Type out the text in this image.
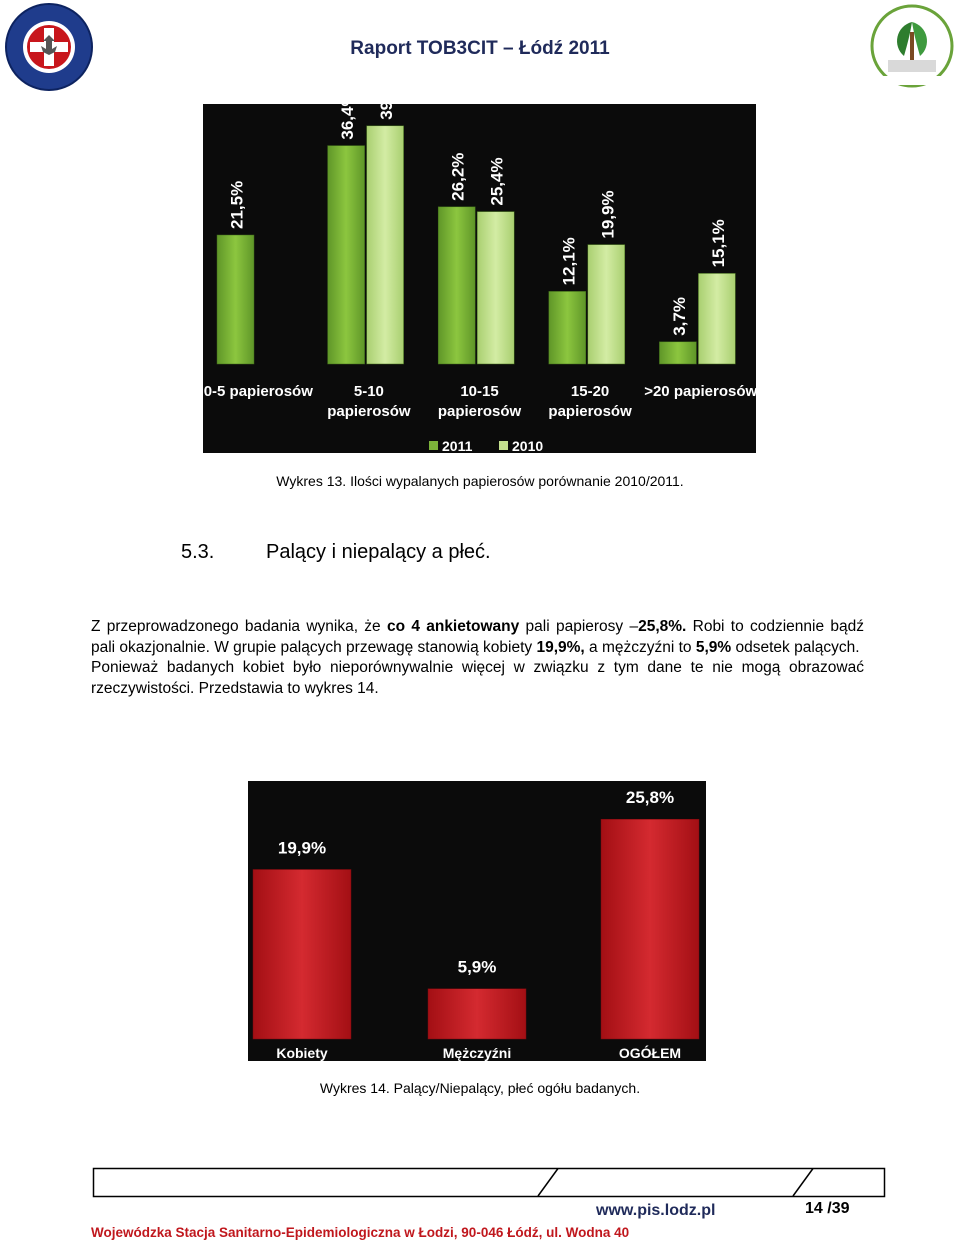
Raport TOB3CIT – Łódź 2011
21,5%
0-5 papierosów
36,4% 39,7%
5-10
papierosów
26,2% 25,4%
10-15
papierosów
12,1%
19,9%
15-20
papierosów
3,7%
15,1%
>20 papierosów
2011	2010
Wykres 13. Ilości wypalanych papierosów porównanie 2010/2011.
5.3.	Palący i niepalący a płeć.

Z przeprowadzonego badania wynika, że co 4 ankietowany pali papierosy –25,8%. Robi to codziennie bądź pali okazjonalnie. W grupie palących przewagę stanowią kobiety 19,9%, a mężczyźni to 5,9% odsetek palących.

Ponieważ badanych kobiet było nieporównywalnie więcej w związku z tym dane te nie mogą obrazować rzeczywistości. Przedstawia to wykres 14.

19,9%
Kobiety
5,9%
Mężczyźni
25,8%
OGÓŁEM
Wykres 14. Palący/Niepalący, płeć ogółu badanych.
www.pis.lodz.pl	14 /39
Wojewódzka Stacja Sanitarno-Epidemiologiczna w Łodzi, 90-046 Łódź, ul. Wodna 40
